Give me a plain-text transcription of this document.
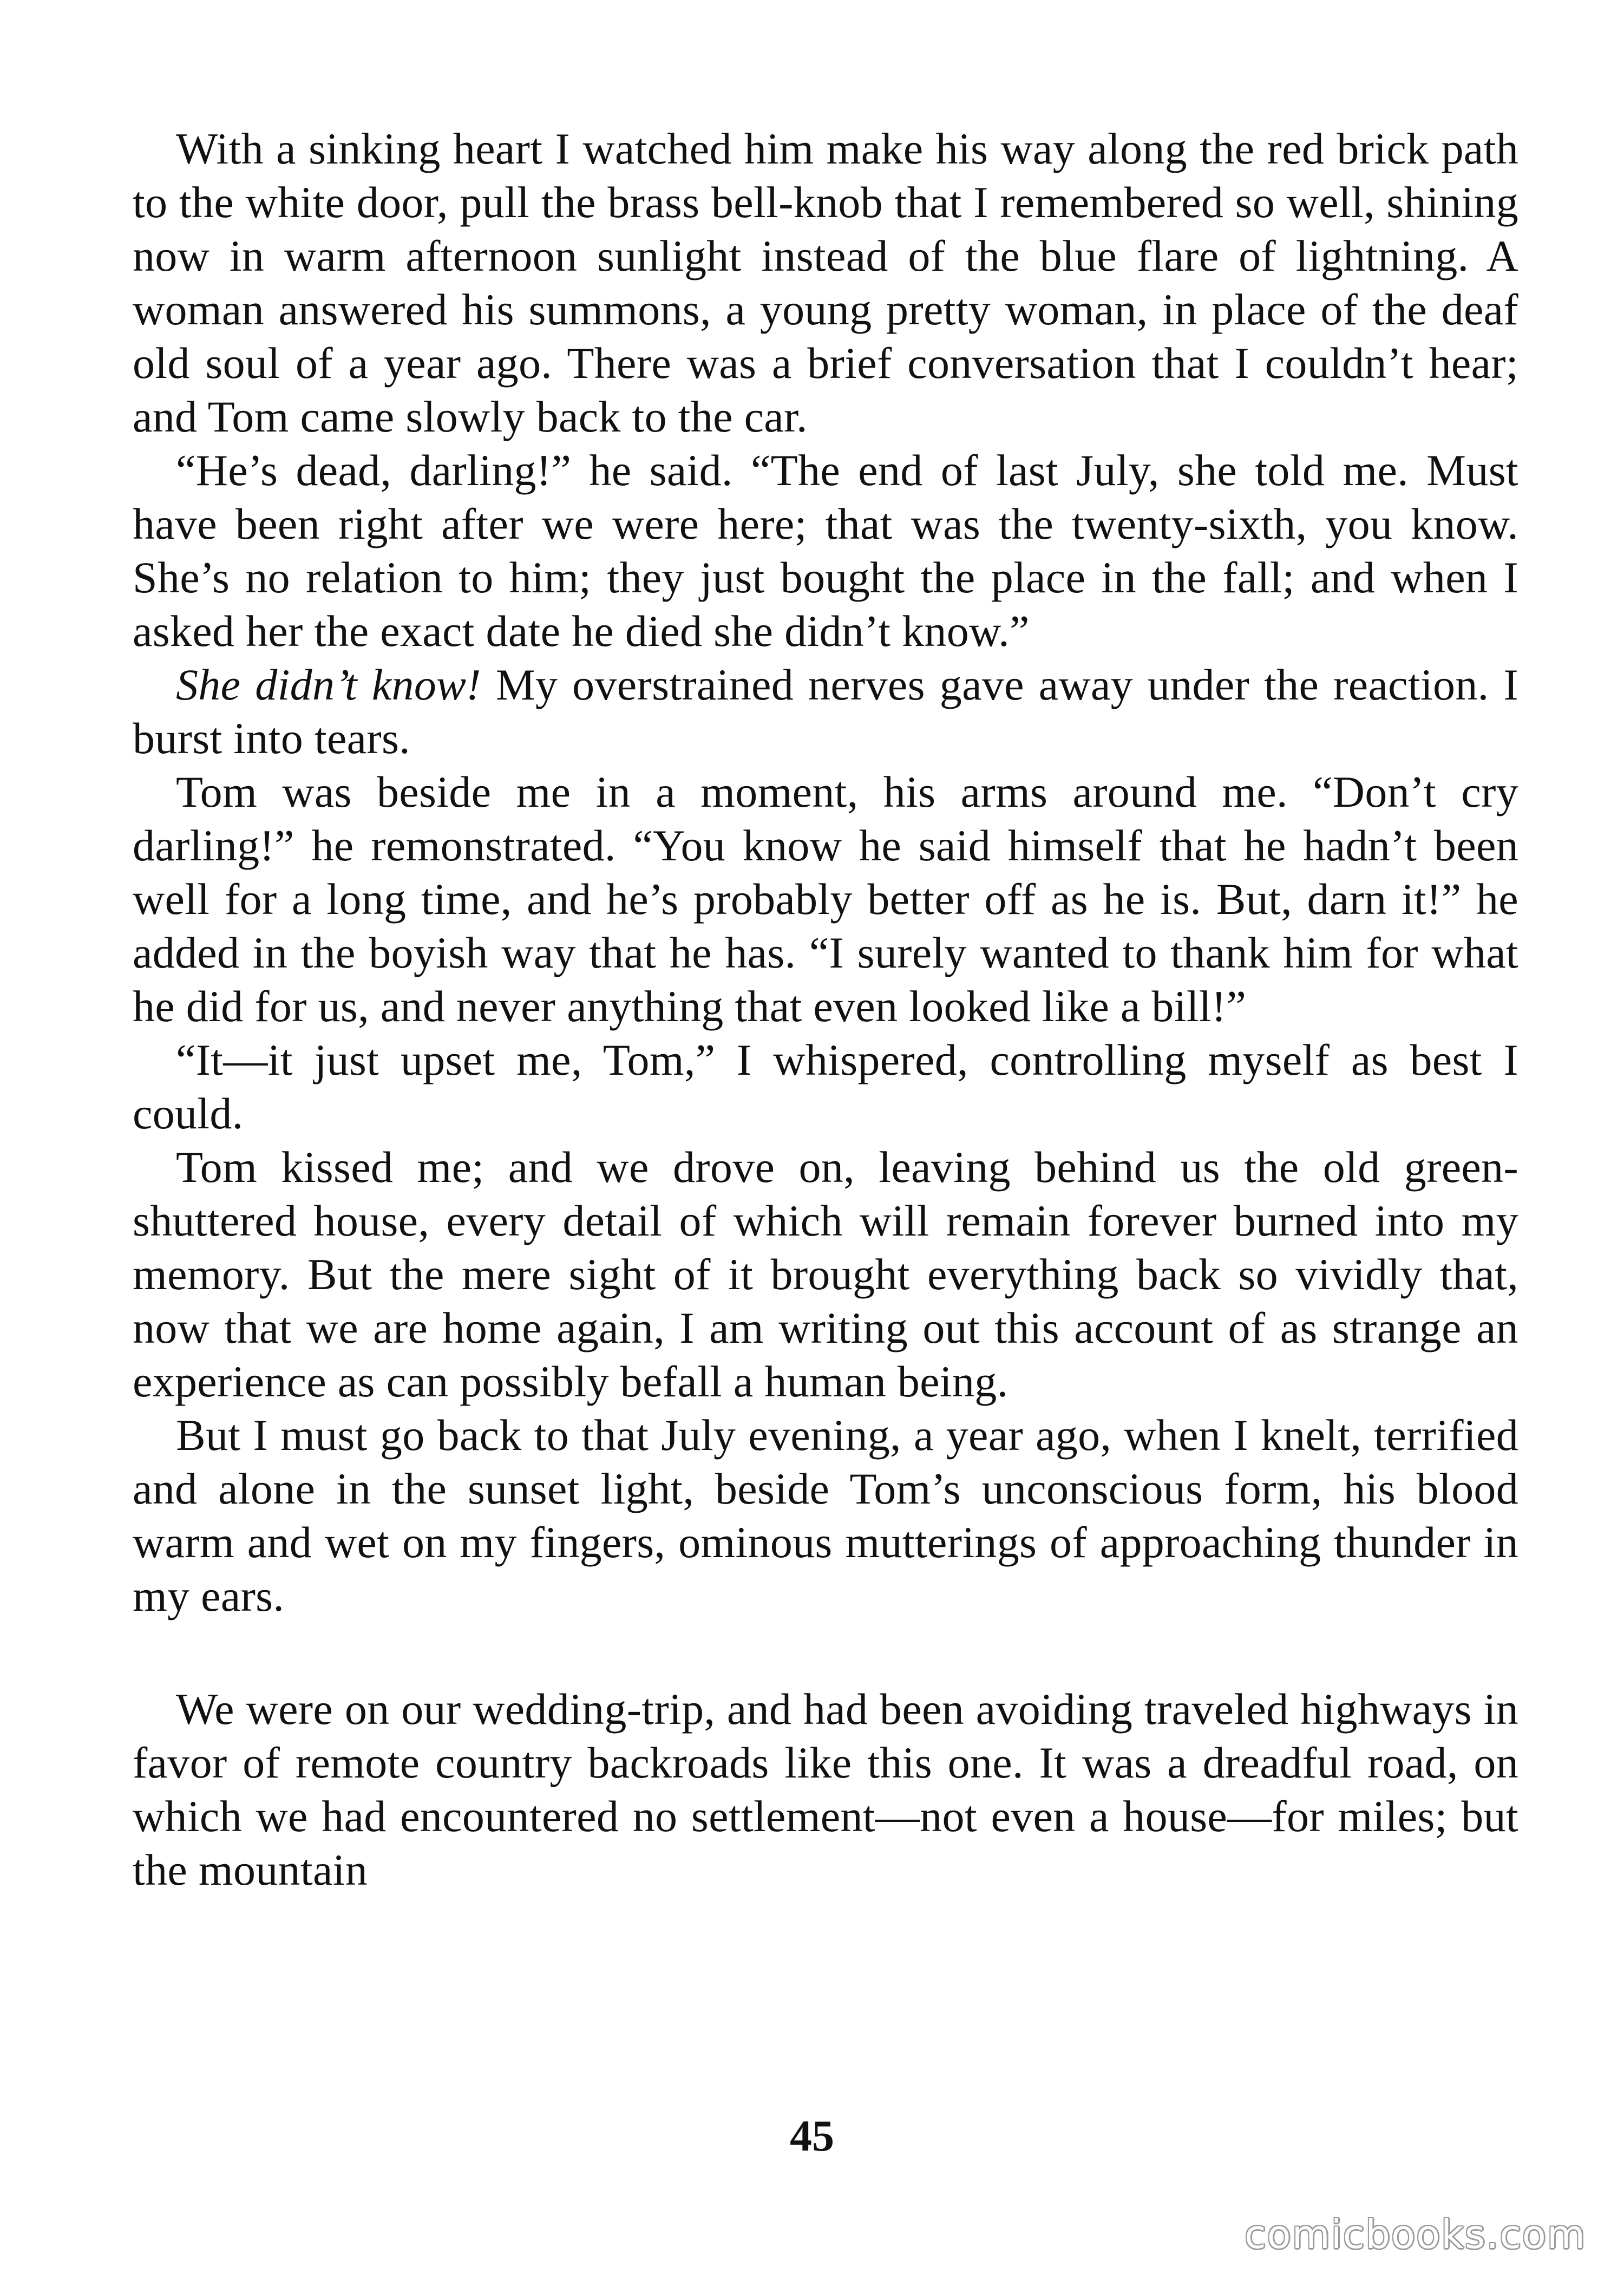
With a sinking heart I watched him make his way along the red brick path to the white door, pull the brass bell-knob that I remembered so well, shining now in warm afternoon sunlight instead of the blue flare of lightning. A woman answered his summons, a young pretty woman, in place of the deaf old soul of a year ago. There was a brief conversation that I couldn’t hear; and Tom came slowly back to the car.

“He’s dead, darling!” he said. “The end of last July, she told me. Must have been right after we were here; that was the twenty-sixth, you know. She’s no relation to him; they just bought the place in the fall; and when I asked her the exact date he died she didn’t know.”

She didn’t know! My overstrained nerves gave away under the reaction. I burst into tears.

Tom was beside me in a moment, his arms around me. “Don’t cry darling!” he remonstrated. “You know he said himself that he hadn’t been well for a long time, and he’s probably better off as he is. But, darn it!” he added in the boyish way that he has. “I surely wanted to thank him for what he did for us, and never anything that even looked like a bill!”

“It—it just upset me, Tom,” I whispered, controlling myself as best I could.

Tom kissed me; and we drove on, leaving behind us the old green-shuttered house, every detail of which will remain forever burned into my memory. But the mere sight of it brought everything back so vividly that, now that we are home again, I am writing out this account of as strange an experience as can possibly befall a human being.

But I must go back to that July evening, a year ago, when I knelt, terrified and alone in the sunset light, beside Tom’s unconscious form, his blood warm and wet on my fingers, ominous mutterings of approaching thunder in my ears.

We were on our wedding-trip, and had been avoiding traveled highways in favor of remote country backroads like this one. It was a dreadful road, on which we had encountered no settlement—not even a house—for miles; but the mountain

45
comicbooks.com
